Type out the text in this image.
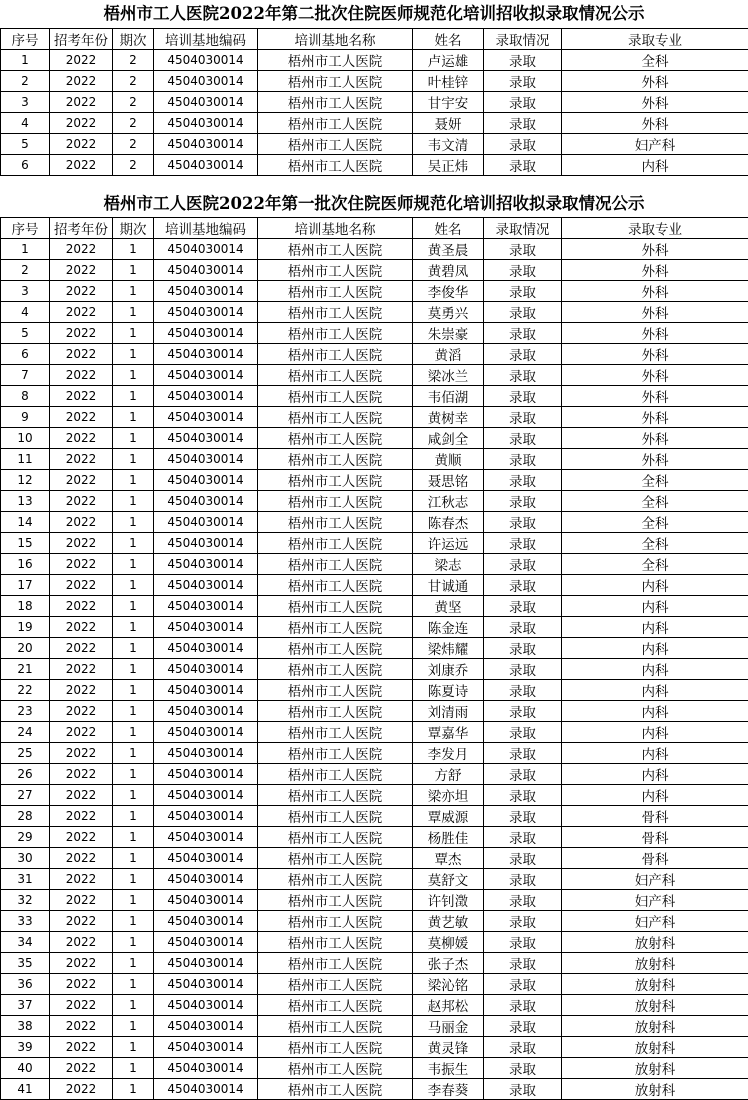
梧州市工人医院2022年第二批次住院医师规范化培训招收拟录取情况公示
序号	招考年份	期次	培训基地编码	培训基地名称	姓名	录取情况	录取专业
1	2022	2	4504030014	梧州市工人医院	卢运雄	录取	全科
2	2022	2	4504030014	梧州市工人医院	叶桂锌	录取	外科
3	2022	2	4504030014	梧州市工人医院	甘宇安	录取	外科
4	2022	2	4504030014	梧州市工人医院	聂妍	录取	外科
5	2022	2	4504030014	梧州市工人医院	韦文清	录取	妇产科
6	2022	2	4504030014	梧州市工人医院	吴正炜	录取	内科
梧州市工人医院2022年第一批次住院医师规范化培训招收拟录取情况公示
序号	招考年份	期次	培训基地编码	培训基地名称	姓名	录取情况	录取专业
1	2022	1	4504030014	梧州市工人医院	黄圣晨	录取	外科
2	2022	1	4504030014	梧州市工人医院	黄碧凤	录取	外科
3	2022	1	4504030014	梧州市工人医院	李俊华	录取	外科
4	2022	1	4504030014	梧州市工人医院	莫勇兴	录取	外科
5	2022	1	4504030014	梧州市工人医院	朱崇豪	录取	外科
6	2022	1	4504030014	梧州市工人医院	黄滔	录取	外科
7	2022	1	4504030014	梧州市工人医院	梁冰兰	录取	外科
8	2022	1	4504030014	梧州市工人医院	韦佰湖	录取	外科
9	2022	1	4504030014	梧州市工人医院	黄树幸	录取	外科
10	2022	1	4504030014	梧州市工人医院	咸剑全	录取	外科
11	2022	1	4504030014	梧州市工人医院	黄顺	录取	外科
12	2022	1	4504030014	梧州市工人医院	聂思铭	录取	全科
13	2022	1	4504030014	梧州市工人医院	江秋志	录取	全科
14	2022	1	4504030014	梧州市工人医院	陈春杰	录取	全科
15	2022	1	4504030014	梧州市工人医院	许运远	录取	全科
16	2022	1	4504030014	梧州市工人医院	梁志	录取	全科
17	2022	1	4504030014	梧州市工人医院	甘诚通	录取	内科
18	2022	1	4504030014	梧州市工人医院	黄坚	录取	内科
19	2022	1	4504030014	梧州市工人医院	陈金连	录取	内科
20	2022	1	4504030014	梧州市工人医院	梁炜耀	录取	内科
21	2022	1	4504030014	梧州市工人医院	刘康乔	录取	内科
22	2022	1	4504030014	梧州市工人医院	陈夏诗	录取	内科
23	2022	1	4504030014	梧州市工人医院	刘清雨	录取	内科
24	2022	1	4504030014	梧州市工人医院	覃嘉华	录取	内科
25	2022	1	4504030014	梧州市工人医院	李发月	录取	内科
26	2022	1	4504030014	梧州市工人医院	方舒	录取	内科
27	2022	1	4504030014	梧州市工人医院	梁亦坦	录取	内科
28	2022	1	4504030014	梧州市工人医院	覃威源	录取	骨科
29	2022	1	4504030014	梧州市工人医院	杨胜佳	录取	骨科
30	2022	1	4504030014	梧州市工人医院	覃杰	录取	骨科
31	2022	1	4504030014	梧州市工人医院	莫舒文	录取	妇产科
32	2022	1	4504030014	梧州市工人医院	许钊澂	录取	妇产科
33	2022	1	4504030014	梧州市工人医院	黄艺敏	录取	妇产科
34	2022	1	4504030014	梧州市工人医院	莫柳媛	录取	放射科
35	2022	1	4504030014	梧州市工人医院	张子杰	录取	放射科
36	2022	1	4504030014	梧州市工人医院	梁沁铭	录取	放射科
37	2022	1	4504030014	梧州市工人医院	赵邦松	录取	放射科
38	2022	1	4504030014	梧州市工人医院	马丽金	录取	放射科
39	2022	1	4504030014	梧州市工人医院	黄灵锋	录取	放射科
40	2022	1	4504030014	梧州市工人医院	韦振生	录取	放射科
41	2022	1	4504030014	梧州市工人医院	李春葵	录取	放射科
